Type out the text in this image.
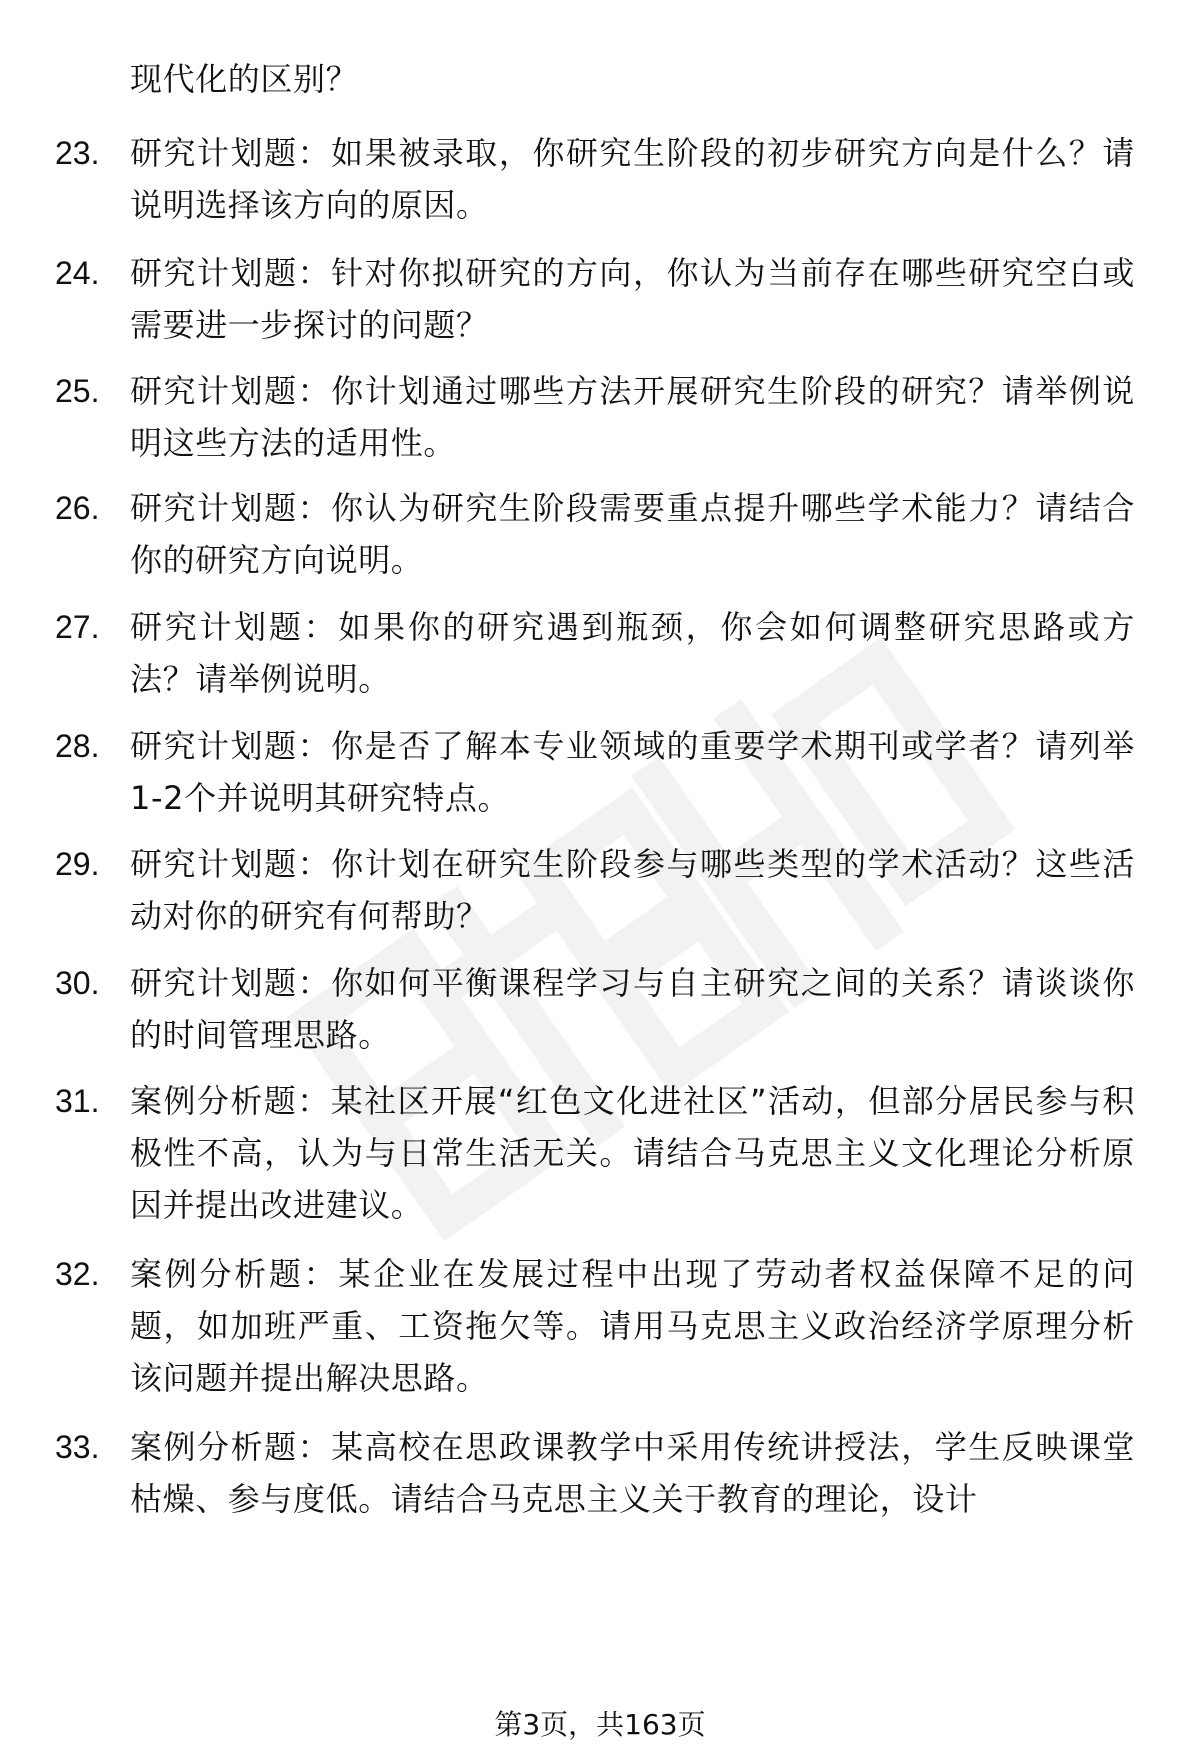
现代化的区别？
23. 研究计划题：如果被录取，你研究生阶段的初步研究方向是什么？请说明选择该方向的原因。
24. 研究计划题：针对你拟研究的方向，你认为当前存在哪些研究空白或需要进一步探讨的问题？
25. 研究计划题：你计划通过哪些方法开展研究生阶段的研究？请举例说明这些方法的适用性。
26. 研究计划题：你认为研究生阶段需要重点提升哪些学术能力？请结合你的研究方向说明。
27. 研究计划题：如果你的研究遇到瓶颈，你会如何调整研究思路或方法？请举例说明。
28. 研究计划题：你是否了解本专业领域的重要学术期刊或学者？请列举1-2个并说明其研究特点。
29. 研究计划题：你计划在研究生阶段参与哪些类型的学术活动？这些活动对你的研究有何帮助？
30. 研究计划题：你如何平衡课程学习与自主研究之间的关系？请谈谈你的时间管理思路。
31. 案例分析题：某社区开展“红色文化进社区”活动，但部分居民参与积极性不高，认为与日常生活无关。请结合马克思主义文化理论分析原因并提出改进建议。
32. 案例分析题：某企业在发展过程中出现了劳动者权益保障不足的问题，如加班严重、工资拖欠等。请用马克思主义政治经济学原理分析该问题并提出解决思路。
33. 案例分析题：某高校在思政课教学中采用传统讲授法，学生反映课堂枯燥、参与度低。请结合马克思主义关于教育的理论，设计
第3页，共163页
